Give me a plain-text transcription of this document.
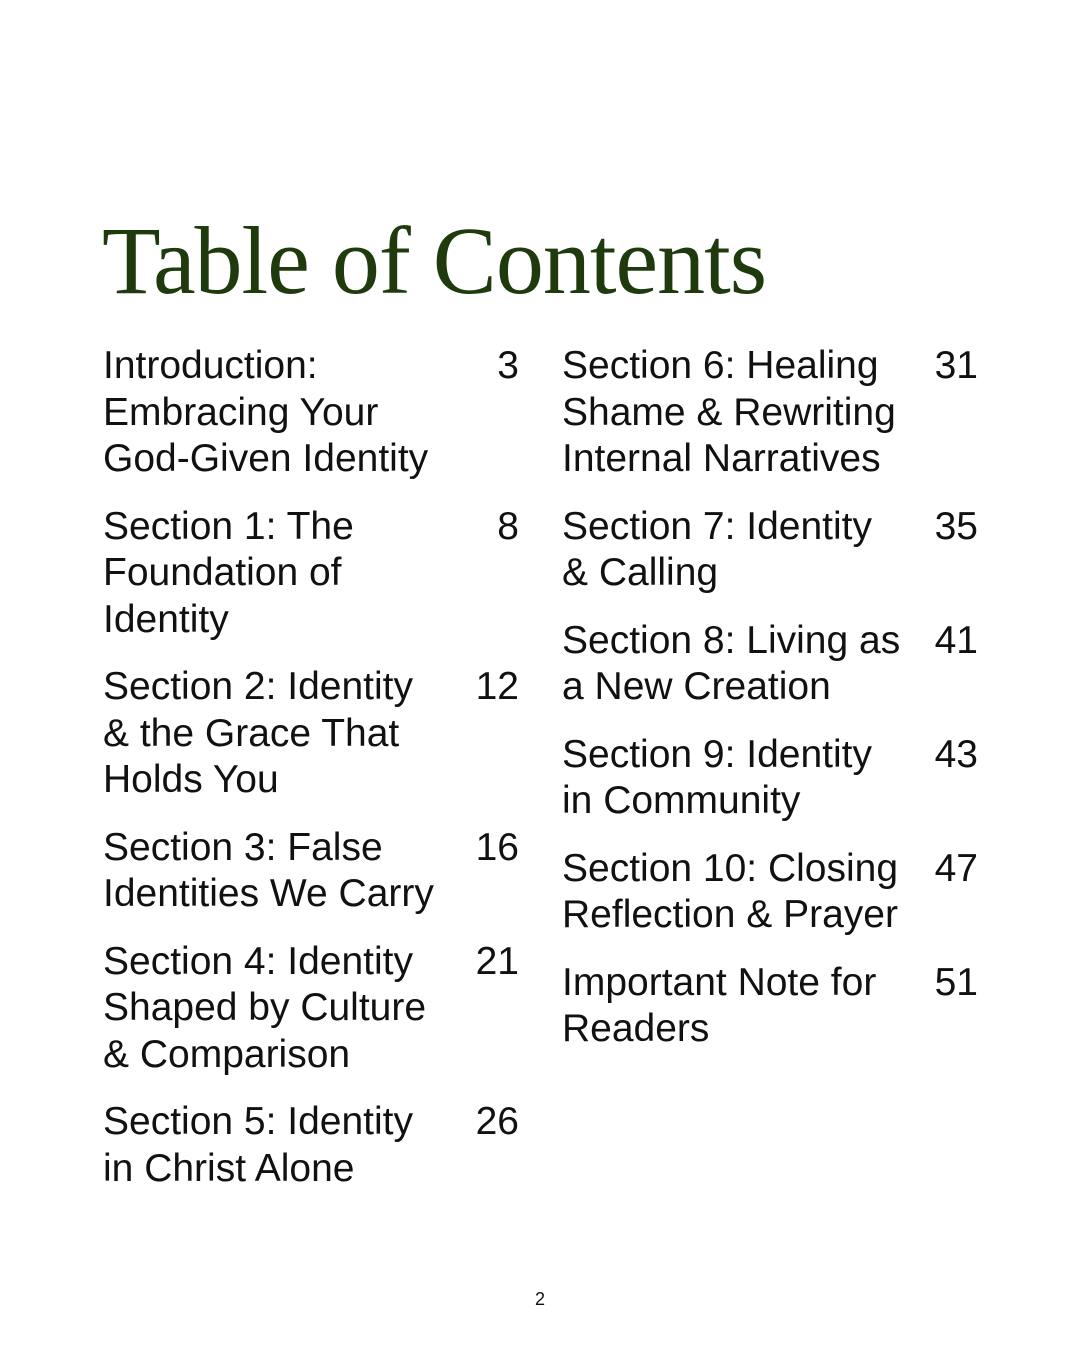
Table of Contents
Introduction: Embracing Your God-Given Identity
3
Section 1: The Foundation of Identity
8
Section 2: Identity & the Grace That Holds You
12
Section 3: False Identities We Carry
16
Section 4: Identity Shaped by Culture & Comparison
21
Section 5: Identity in Christ Alone
26
Section 6: Healing Shame & Rewriting Internal Narratives
31
Section 7: Identity & Calling
35
Section 8: Living as a New Creation
41
Section 9: Identity in Community
43
Section 10: Closing Reflection & Prayer
47
Important Note for Readers
51
2
